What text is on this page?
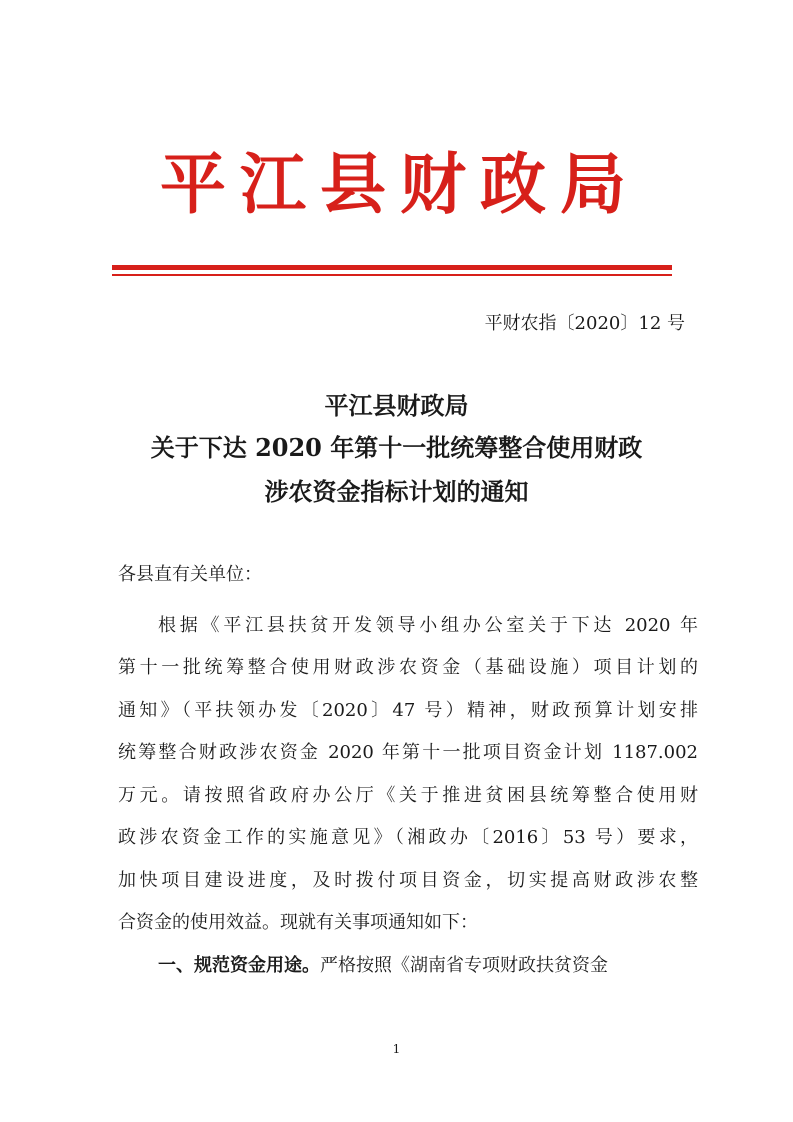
平江县财政局
平财农指〔2020〕12 号
平江县财政局
关于下达 2020 年第十一批统筹整合使用财政
涉农资金指标计划的通知
各县直有关单位：
根据《平江县扶贫开发领导小组办公室关于下达 2020 年
第十一批统筹整合使用财政涉农资金（基础设施）项目计划的
通知》（平扶领办发〔2020〕47 号）精神，财政预算计划安排
统筹整合财政涉农资金 2020 年第十一批项目资金计划 1187.002
万元。请按照省政府办公厅《关于推进贫困县统筹整合使用财
政涉农资金工作的实施意见》（湘政办〔2016〕53 号）要求，
加快项目建设进度，及时拨付项目资金，切实提高财政涉农整
合资金的使用效益。现就有关事项通知如下：
一、规范资金用途。严格按照《湖南省专项财政扶贫资金
1
